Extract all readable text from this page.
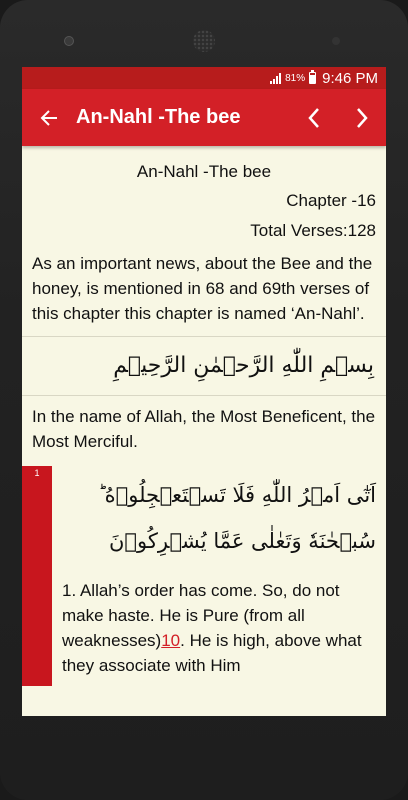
81% 9:46 PM
An-Nahl -The bee
An-Nahl -The bee
Chapter -16
Total Verses:128
As an important news, about the Bee and the honey, is mentioned in 68 and 69th verses of this chapter this chapter is named ‘An-Nahl’.
بِسۡمِ اللّٰهِ الرَّحۡمٰنِ الرَّحِيۡمِ
In the name of Allah, the Most Beneficent, the Most Merciful.
1
اَتٰٓى اَمۡرُ اللّٰهِ فَلَا تَسۡتَعۡجِلُوۡهُ ؕ سُبۡحٰنَهٗ وَتَعٰلٰى عَمَّا يُشۡرِكُوۡنَ
1. Allah’s order has come. So, do not make haste. He is Pure (from all weaknesses)10. He is high, above what they associate with Him
